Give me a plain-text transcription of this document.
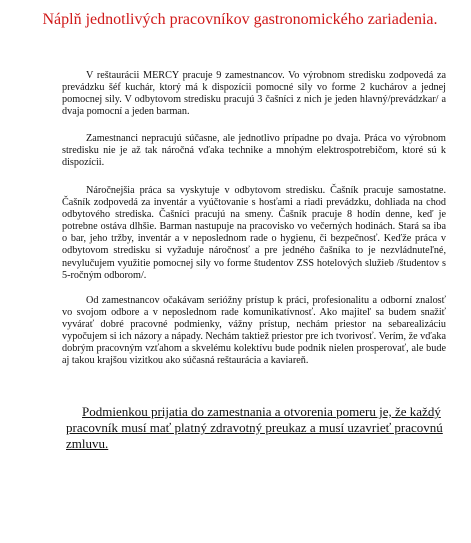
Náplň jednotlivých pracovníkov gastronomického zariadenia.

V reštaurácii MERCY pracuje 9 zamestnancov. Vo výrobnom stredisku zodpovedá za prevádzku šéf kuchár, ktorý má k dispozícii pomocné sily vo forme 2 kuchárov a jednej pomocnej sily. V odbytovom stredisku pracujú 3 čašníci z nich je jeden hlavný/prevádzkar/ a dvaja pomocní a jeden barman.

Zamestnanci nepracujú súčasne, ale jednotlivo prípadne po dvaja. Práca vo výrobnom stredisku nie je až tak náročná vďaka technike a mnohým elektrospotrebičom, ktoré sú k dispozícii.

Náročnejšia práca sa vyskytuje v odbytovom stredisku. Čašník pracuje samostatne. Čašník zodpovedá za inventár a vyúčtovanie s hosťami a riadi prevádzku, dohliada na chod odbytového strediska. Čašníci pracujú na smeny. Čašník pracuje 8 hodín denne, keď je potrebne ostáva dlhšie. Barman nastupuje na pracovisko vo večerných hodinách. Stará sa iba o bar, jeho tržby, inventár a v neposlednom rade o hygienu, či bezpečnosť. Keďže práca v odbytovom stredisku si vyžaduje náročnosť a pre jedného čašníka to je nezvládnuteľné, nevylučujem využitie pomocnej sily vo forme študentov ZSS hotelových služieb /študentov s 5-ročným odborom/.

Od zamestnancov očakávam serióžny prístup k práci, profesionalitu a odborní znalosť vo svojom odbore a v neposlednom rade komunikatívnosť. Ako majiteľ sa budem snažiť vyvárať dobré pracovné podmienky, vážny prístup, nechám priestor na sebarealizáciu vypočujem si ich názory a nápady. Nechám taktiež priestor pre ich tvorivosť. Verím, že vďaka dobrým pracovným vzťahom a skvelému kolektívu bude podnik nielen prosperovať, ale bude aj takou krajšou vizitkou ako súčasná reštaurácia a kaviareň.

Podmienkou prijatia do zamestnania a otvorenia pomeru je, že každý pracovník musí mať platný zdravotný preukaz a musí uzavrieť pracovnú zmluvu.
